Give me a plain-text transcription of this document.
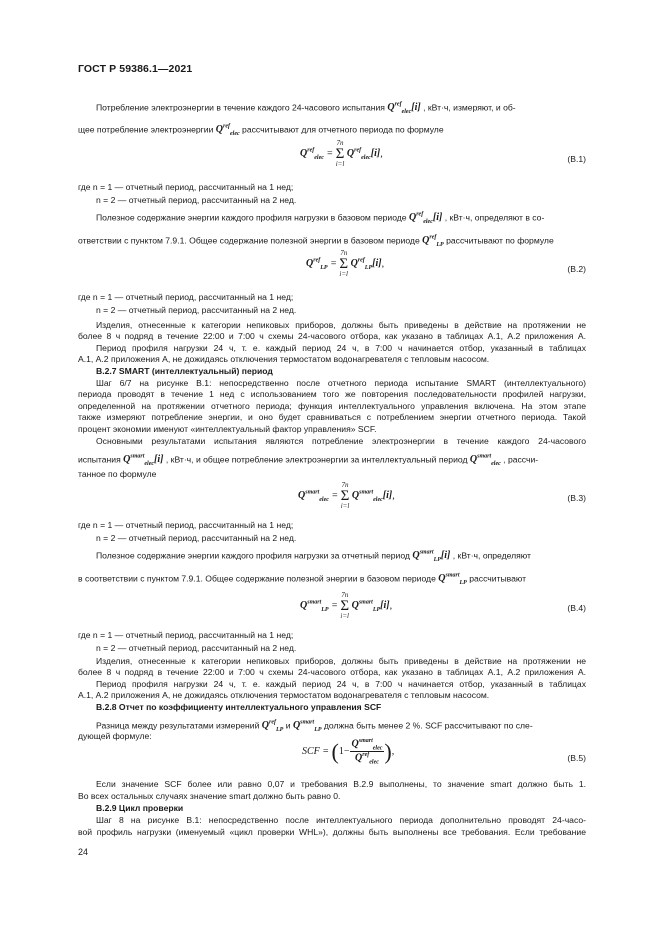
ГОСТ Р 59386.1—2021
Потребление электроэнергии в течение каждого 24-часового испытания $Q^{ref}_{elec}[i]$ , кВт·ч, измеряют, и об-
щее потребление электроэнергии $Q^{ref}_{elec}$ рассчитывают для отчетного периода по формуле
$Q^{ref}_{elec}$ =
7n
Σ
i=l
$Q^{ref}_{elec}[i]$,	(В.1)
где n = 1 — отчетный период, рассчитанный на 1 нед;
n = 2 — отчетный период, рассчитанный на 2 нед.
Полезное содержание энергии каждого профиля нагрузки в базовом периоде $Q^{ref}_{elec}[i]$ , кВт·ч, определяют в со-
ответствии с пунктом 7.9.1. Общее содержание полезной энергии в базовом периоде $Q^{ref}_{LP}$ рассчитывают по формуле
$Q^{ref}_{LP}$ =
7n
Σ
i=l
$Q^{ref}_{LP}[i]$,	(В.2)
где n = 1 — отчетный период, рассчитанный на 1 нед;
n = 2 — отчетный период, рассчитанный на 2 нед.
Изделия, отнесенные к категории непиковых приборов, должны быть приведены в действие на протяжении не
более 8 ч подряд в течение 22:00 и 7:00 ч схемы 24-часового отбора, как указано в таблицах А.1, А.2 приложения А.
Период профиля нагрузки 24 ч, т. е. каждый период 24 ч, в 7:00 ч начинается отбор, указанный в таблицах
А.1, А.2 приложения А, не дожидаясь отключения термостатом водонагревателя с тепловым насосом.
В.2.7 SMART (интеллектуальный) период
Шаг 6/7 на рисунке В.1: непосредственно после отчетного периода испытание SMART (интеллектуального)
периода проводят в течение 1 нед с использованием того же повторения последовательности профилей нагрузки,
определенной на протяжении отчетного периода; функция интеллектуального управления включена. На этом этапе
также измеряют потребление энергии, и оно будет сравниваться с потреблением энергии отчетного периода. Такой
процент экономии именуют «интеллектуальный фактор управления» SCF.
Основными результатами испытания являются потребление электроэнергии в течение каждого 24-часового
испытания $Q^{smart}_{elec}[i]$ , кВт·ч, и общее потребление электроэнергии за интеллектуальный период $Q^{smart}_{elec}$ , рассчи-
танное по формуле
$Q^{smart}_{elec}$ =
7n
Σ
i=l
$Q^{smart}_{elec}[i]$,	(В.3)
где n = 1 — отчетный период, рассчитанный на 1 нед;
n = 2 — отчетный период, рассчитанный на 2 нед.
Полезное содержание энергии каждого профиля нагрузки за отчетный период $Q^{smart}_{LP}[i]$ , кВт·ч, определяют
в соответствии с пунктом 7.9.1. Общее содержание полезной энергии в базовом периоде $Q^{smart}_{LP}$ рассчитывают
$Q^{smart}_{LP}$ =
7n
Σ
i=l
$Q^{smart}_{LP}[i]$,	(В.4)
где n = 1 — отчетный период, рассчитанный на 1 нед;
n = 2 — отчетный период, рассчитанный на 2 нед.
Изделия, отнесенные к категории непиковых приборов, должны быть приведены в действие на протяжении не
более 8 ч подряд в течение 22:00 и 7:00 ч схемы 24-часового отбора, как указано в таблицах А.1, А.2 приложения А.
Период профиля нагрузки 24 ч, т. е. каждый период 24 ч, в 7:00 ч начинается отбор, указанный в таблицах
А.1, А.2 приложения А, не дожидаясь отключения термостатом водонагревателя с тепловым насосом.
В.2.8 Отчет по коэффициенту интеллектуального управления SCF
Разница между результатами измерений $Q^{ref}_{LP}$ и $Q^{smart}_{LP}$ должна быть менее 2 %. SCF рассчитывают по сле-
дующей формуле:
SCF = ($1- \frac{Q^{smart}_{elec}}{Q^{ref}_{elec}}$ ),
(В.5)
Если значение SCF более или равно 0,07 и требования В.2.9 выполнены, то значение smart должно быть 1.
Во всех остальных случаях значение smart должно быть равно 0.
В.2.9 Цикл проверки
Шаг 8 на рисунке В.1: непосредственно после интеллектуального периода дополнительно проводят 24-часо-
вой профиль нагрузки (именуемый «цикл проверки WHL»), должны быть выполнены все требования. Если требование
24
